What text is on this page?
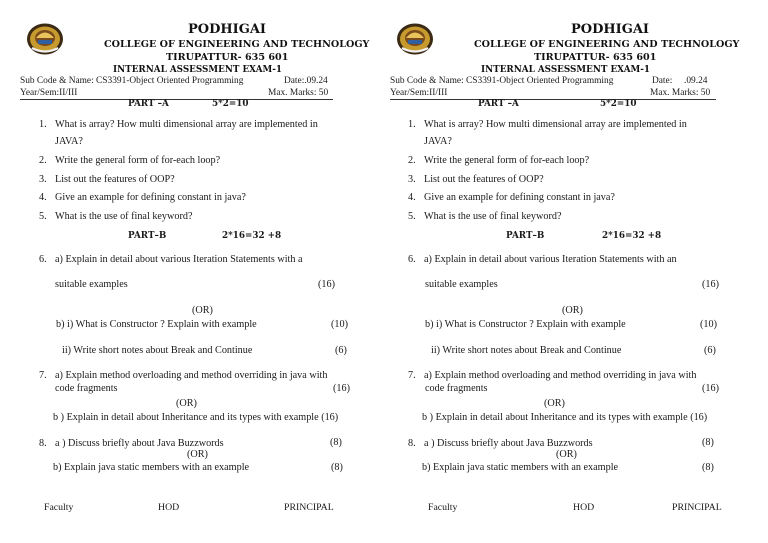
PODHIGAI
COLLEGE OF ENGINEERING AND TECHNOLOGY
TIRUPATTUR- 635 601
INTERNAL ASSESSMENT EXAM-1
Sub Code & Name: CS3391-Object Oriented Programming	Date:.09.24
Year/Sem:II/III	Max. Marks: 50
PART –A	5*2=10
1. What is array? How multi dimensional array are implemented in
JAVA?
2. Write the general form of for-each loop?
3. List out the features of OOP?
4. Give an example for defining constant in java?
5. What is the use of final keyword?
PART–B	2*16=32 +8
6. a) Explain in detail about various Iteration Statements with a
suitable examples	(16)
(OR)
b) i) What is Constructor ? Explain with example	(10)
ii) Write short notes about Break and Continue	(6)
7. a) Explain method overloading and method overriding in java with
code fragments	(16)
(OR)
b ) Explain in detail about Inheritance and its types with example (16)
8. a ) Discuss briefly about Java Buzzwords	(8)
(OR)
b) Explain java static members with an example	(8)
Faculty	HOD	PRINCIPAL
PODHIGAI
COLLEGE OF ENGINEERING AND TECHNOLOGY
TIRUPATTUR- 635 601
INTERNAL ASSESSMENT EXAM-1
Sub Code & Name: CS3391-Object Oriented Programming	Date:     .09.24
Year/Sem:II/III	Max. Marks: 50
PART –A	5*2=10
1. What is array? How multi dimensional array are implemented in
JAVA?
2. Write the general form of for-each loop?
3. List out the features of OOP?
4. Give an example for defining constant in java?
5. What is the use of final keyword?
PART–B	2*16=32 +8
6. a) Explain in detail about various Iteration Statements with an
suitable examples	(16)
(OR)
b) i) What is Constructor ? Explain with example	(10)
ii) Write short notes about Break and Continue	(6)
7. a) Explain method overloading and method overriding in java with
code fragments	(16)
(OR)
b ) Explain in detail about Inheritance and its types with example (16)
8. a ) Discuss briefly about Java Buzzwords	(8)
(OR)
b) Explain java static members with an example	(8)
Faculty	HOD	PRINCIPAL
